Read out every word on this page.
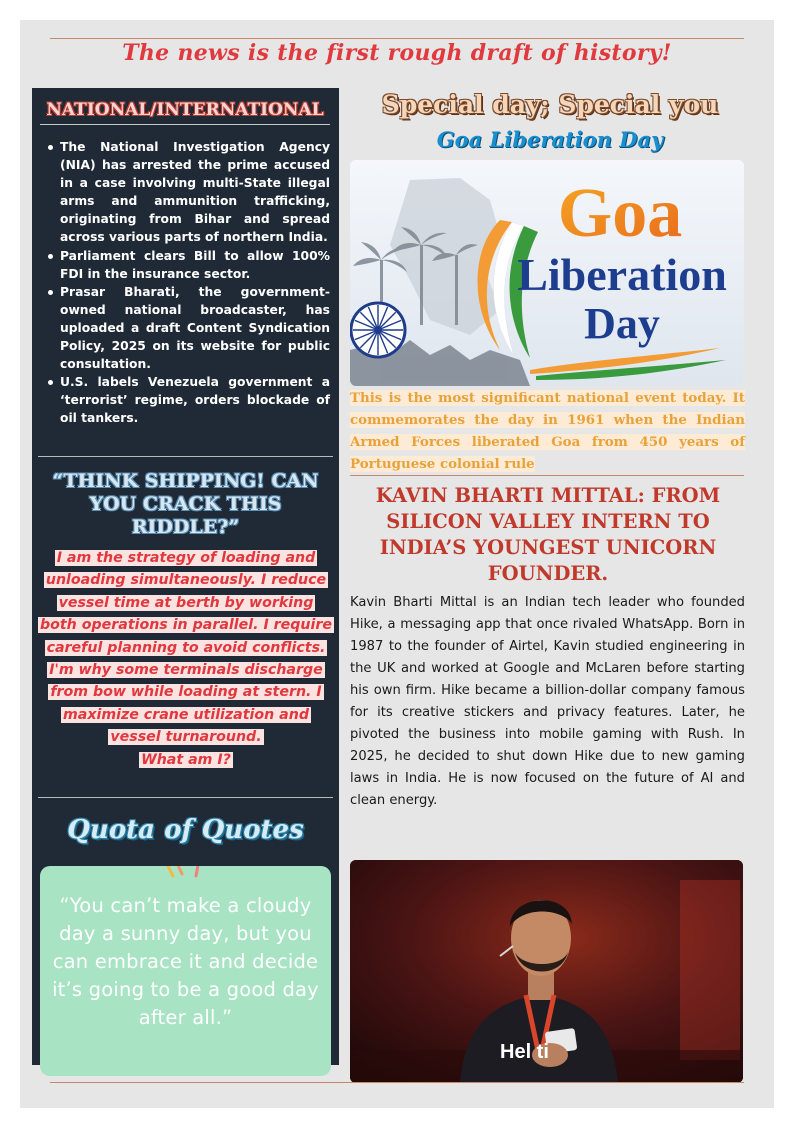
The news is the first rough draft of history!
NATIONAL/INTERNATIONAL
The National Investigation Agency (NIA) has arrested the prime accused in a case involving multi-State illegal arms and ammunition trafficking, originating from Bihar and spread across various parts of northern India.
Parliament clears Bill to allow 100% FDI in the insurance sector.
Prasar Bharati, the government-owned national broadcaster, has uploaded a draft Content Syndication Policy, 2025 on its website for public consultation.
U.S. labels Venezuela government a ‘terrorist’ regime, orders blockade of oil tankers.
“THINK SHIPPING! CAN YOU CRACK THIS RIDDLE?”
I am the strategy of loading and unloading simultaneously. I reduce vessel time at berth by working both operations in parallel. I require careful planning to avoid conflicts. I'm why some terminals discharge from bow while loading at stern. I maximize crane utilization and vessel turnaround.
What am I?
Quota of Quotes
“You can’t make a cloudy day a sunny day, but you can embrace it and decide it’s going to be a good day after all.”
Special day; Special you
Goa Liberation Day
Goa
Liberation
Day
This is the most significant national event today. It commemorates the day in 1961 when the Indian Armed Forces liberated Goa from 450 years of Portuguese colonial rule
KAVIN BHARTI MITTAL: FROM SILICON VALLEY INTERN TO INDIA’S YOUNGEST UNICORN FOUNDER.
Kavin Bharti Mittal is an Indian tech leader who founded Hike, a messaging app that once rivaled WhatsApp. Born in 1987 to the founder of Airtel, Kavin studied engineering in the UK and worked at Google and McLaren before starting his own firm. Hike became a billion-dollar company famous for its creative stickers and privacy features. Later, he pivoted the business into mobile gaming with Rush. In 2025, he decided to shut down Hike due to new gaming laws in India. He is now focused on the future of AI and clean energy.
Hel ti
